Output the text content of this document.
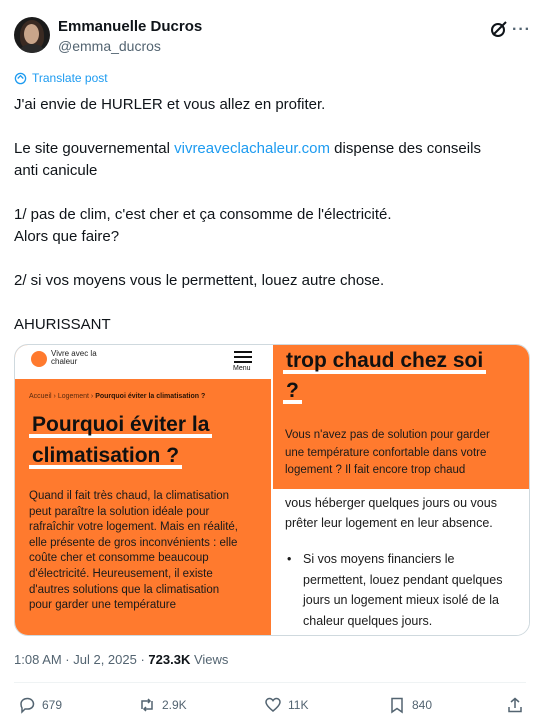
Emmanuelle Ducros
@emma_ducros
···
Translate post

J'ai envie de HURLER et vous allez en profiter.

Le site gouvernemental vivreaveclachaleur.com dispense des conseils

anti canicule

1/ pas de clim, c'est cher et ça consomme de l'électricité.

Alors que faire?

2/ si vos moyens vous le permettent, louez autre chose.

AHURISSANT

Vivre avec la chaleur
Menu
Accueil › Logement › Pourquoi éviter la climatisation ?
Pourquoi éviter la
climatisation ?

Quand il fait très chaud, la climatisation

peut paraître la solution idéale pour

rafraîchir votre logement. Mais en réalité,

elle présente de gros inconvénients : elle

coûte cher et consomme beaucoup

d'électricité. Heureusement, il existe

d'autres solutions que la climatisation

pour garder une température

trop chaud chez soi
?

Vous n'avez pas de solution pour garder

une température confortable dans votre

logement ? Il fait encore trop chaud

vous héberger quelques jours ou vous

prêter leur logement en leur absence.

• Si vos moyens financiers le

permettent, louez pendant quelques

jours un logement mieux isolé de la

chaleur quelques jours.

1:08 AM · Jul 2, 2025 · 723.3K Views
679	2.9K	11K	840
